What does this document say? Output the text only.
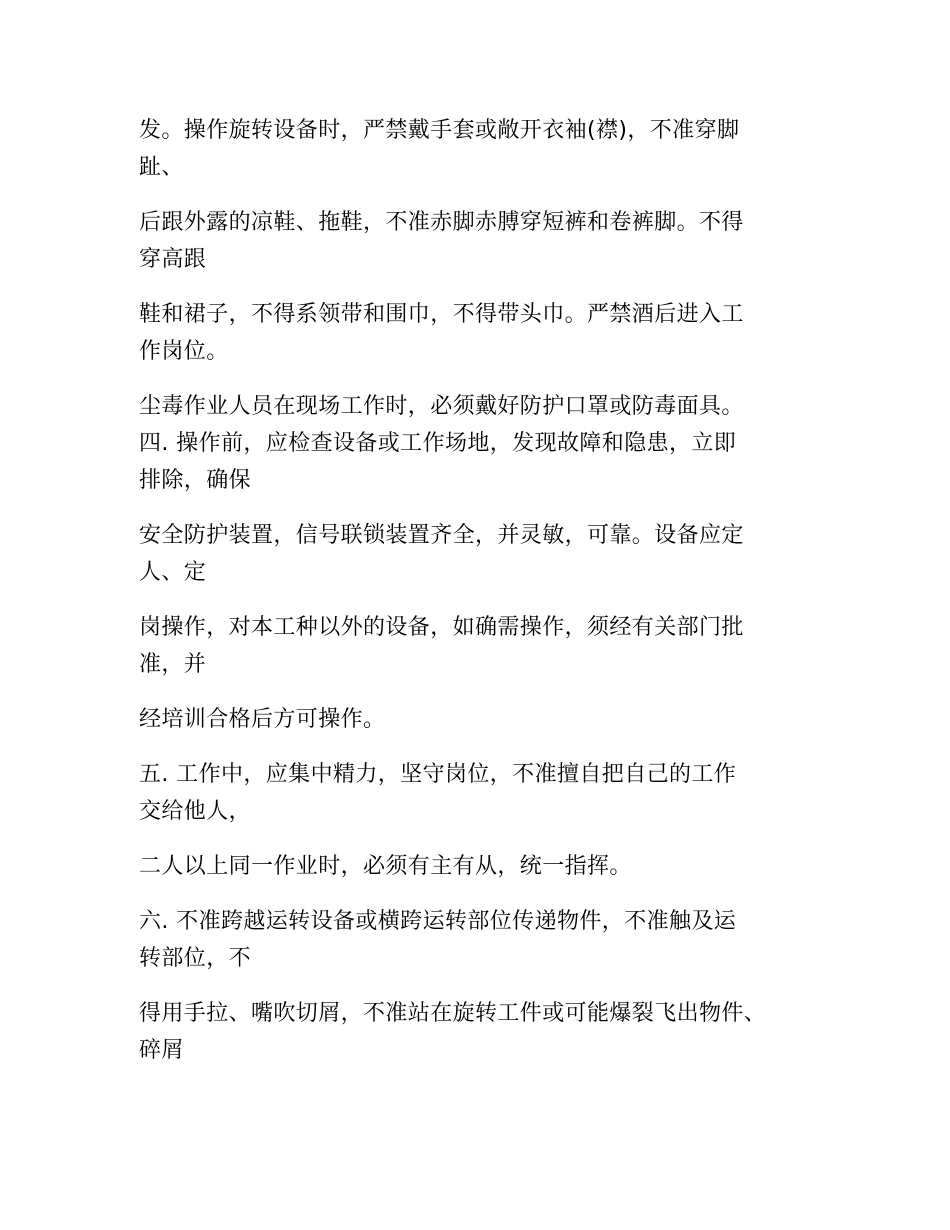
发。操作旋转设备时，严禁戴手套或敞开衣袖(襟)，不准穿脚
趾、
后跟外露的凉鞋、拖鞋，不准赤脚赤膊穿短裤和卷裤脚。不得
穿高跟
鞋和裙子，不得系领带和围巾，不得带头巾。严禁酒后进入工
作岗位。
尘毒作业人员在现场工作时，必须戴好防护口罩或防毒面具。
四. 操作前，应检查设备或工作场地，发现故障和隐患，立即
排除，确保
安全防护装置，信号联锁装置齐全，并灵敏，可靠。设备应定
人、定
岗操作，对本工种以外的设备，如确需操作，须经有关部门批
准，并
经培训合格后方可操作。
五. 工作中，应集中精力，坚守岗位，不准擅自把自己的工作
交给他人，
二人以上同一作业时，必须有主有从，统一指挥。
六. 不准跨越运转设备或横跨运转部位传递物件，不准触及运
转部位，不
得用手拉、嘴吹切屑，不准站在旋转工件或可能爆裂飞出物件、
碎屑
